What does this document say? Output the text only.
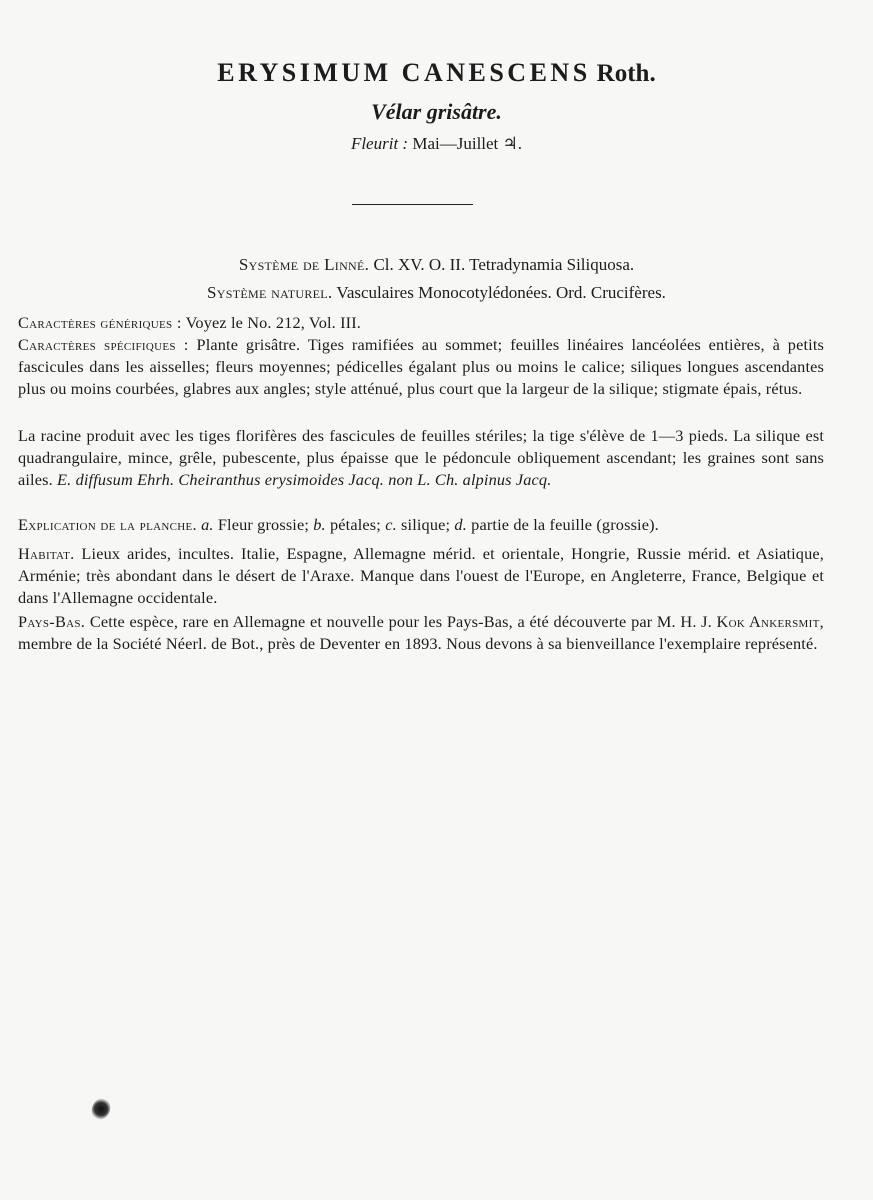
ERYSIMUM CANESCENS Roth.
Vélar grisâtre.
Fleurit : Mai—Juillet ♃.
Système de Linné. Cl. XV. O. II. Tetradynamia Siliquosa.
Système naturel. Vasculaires Monocotylédonées. Ord. Crucifères.
Caractères génériques : Voyez le No. 212, Vol. III.
Caractères spécifiques : Plante grisâtre. Tiges ramifiées au sommet; feuilles linéaires lancéolées entières, à petits fascicules dans les aisselles; fleurs moyennes; pédicelles égalant plus ou moins le calice; siliques longues ascendantes plus ou moins courbées, glabres aux angles; style atténué, plus court que la largeur de la silique; stigmate épais, rétus.
La racine produit avec les tiges florifères des fascicules de feuilles stériles; la tige s'élève de 1—3 pieds. La silique est quadrangulaire, mince, grêle, pubescente, plus épaisse que le pédoncule obliquement ascendant; les graines sont sans ailes. E. diffusum Ehrh. Cheiranthus erysimoides Jacq. non L. Ch. alpinus Jacq.
Explication de la planche. a. Fleur grossie; b. pétales; c. silique; d. partie de la feuille (grossie).
Habitat. Lieux arides, incultes. Italie, Espagne, Allemagne mérid. et orientale, Hongrie, Russie mérid. et Asiatique, Arménie; très abondant dans le désert de l'Araxe. Manque dans l'ouest de l'Europe, en Angleterre, France, Belgique et dans l'Allemagne occidentale.
Pays-Bas. Cette espèce, rare en Allemagne et nouvelle pour les Pays-Bas, a été découverte par M. H. J. Kok Ankersmit, membre de la Société Néerl. de Bot., près de Deventer en 1893. Nous devons à sa bienveillance l'exemplaire représenté.
